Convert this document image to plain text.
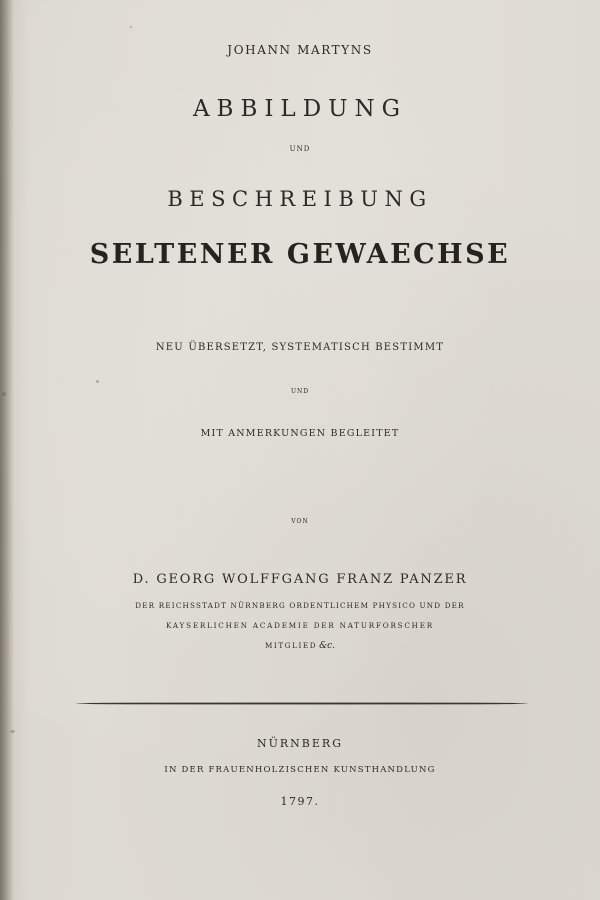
JOHANN MARTYNS
ABBILDUNG
UND
BESCHREIBUNG
SELTENER GEWAECHSE
NEU ÜBERSETZT, SYSTEMATISCH BESTIMMT
UND
MIT ANMERKUNGEN BEGLEITET
VON
D. GEORG WOLFFGANG FRANZ PANZER
DER REICHSSTADT NÜRNBERG ORDENTLICHEM PHYSICO UND DER
KAYSERLICHEN ACADEMIE DER NATURFORSCHER
MITGLIED &c.
NÜRNBERG
IN DER FRAUENHOLZISCHEN KUNSTHANDLUNG
1797.
